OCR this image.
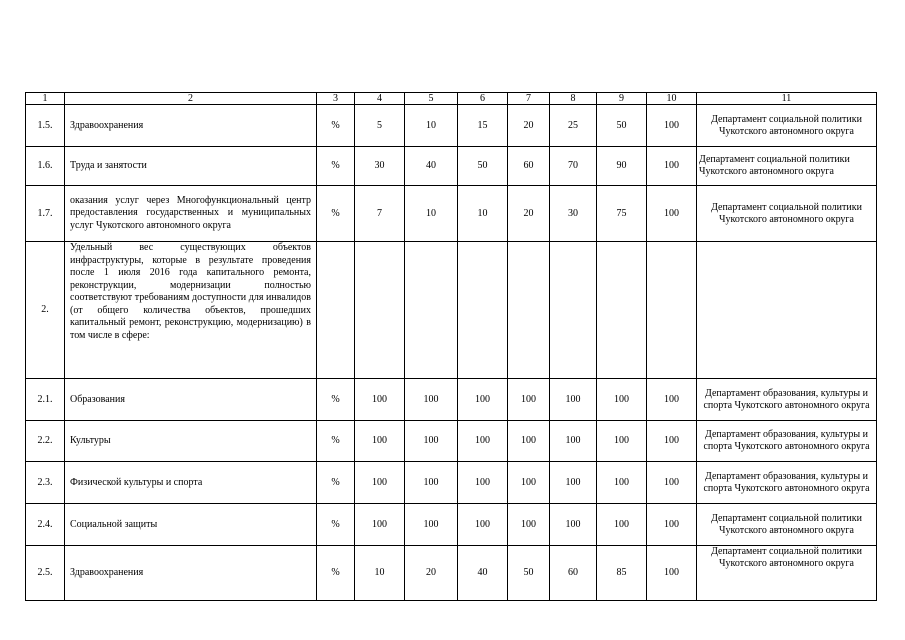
1	2	3	4	5	6	7	8	9	10	11
1.5.	Здравоохранения	%	5	10	15	20	25	50	100	Департамент социальной политики Чукотского автономного округа
1.6.	Труда и занятости	%	30	40	50	60	70	90	100	Департамент социальной политики Чукотского автономного округа
1.7.	оказания услуг через Многофункциональный центр предоставления государственных и муниципальных услуг Чукотского автономного округа	%	7	10	10	20	30	75	100	Департамент социальной политики Чукотского автономного округа
2.	Удельный вес существующих объектов инфраструктуры, которые в результате проведения после 1 июля 2016 года капитального ремонта, реконструкции, модернизации полностью соответствуют требованиям доступности для инвалидов (от общего количества объектов, прошедших капитальный ремонт, реконструкцию, модернизацию) в том числе в сфере:									
2.1.	Образования	%	100	100	100	100	100	100	100	Департамент образования, культуры и спорта Чукотского автономного округа
2.2.	Культуры	%	100	100	100	100	100	100	100	Департамент образования, культуры и спорта Чукотского автономного округа
2.3.	Физической культуры и спорта	%	100	100	100	100	100	100	100	Департамент образования, культуры и спорта Чукотского автономного округа
2.4.	Социальной защиты	%	100	100	100	100	100	100	100	Департамент социальной политики Чукотского автономного округа
2.5.	Здравоохранения	%	10	20	40	50	60	85	100	Департамент социальной политики Чукотского автономного округа
